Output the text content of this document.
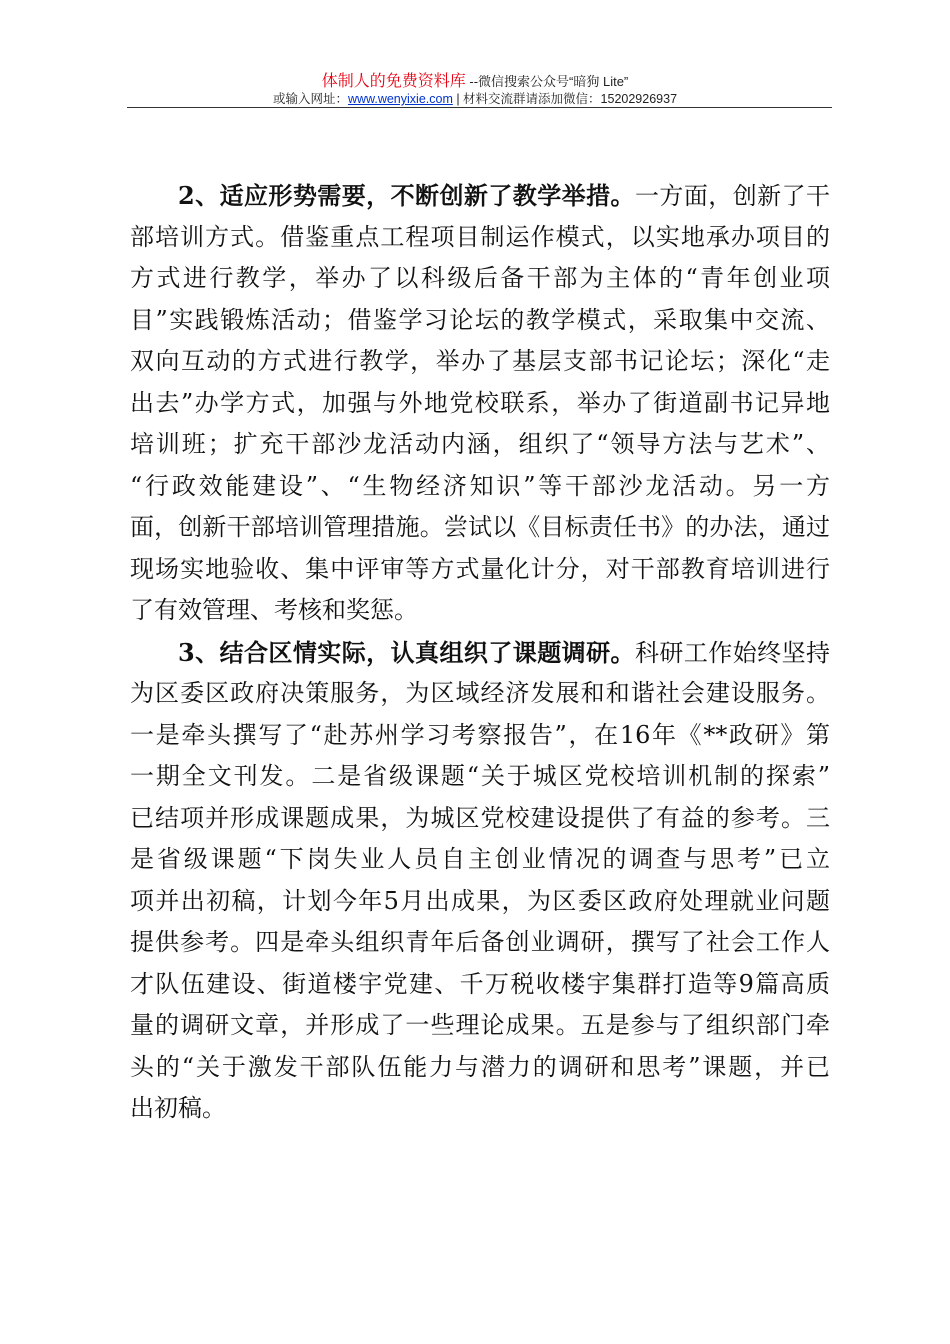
体制人的免费资料库 --微信搜索公众号“暗狗 Lite”
或输入网址：www.wenyixie.com | 材料交流群请添加微信：15202926937
2、适应形势需要，不断创新了教学举措。一方面，创新了干
部培训方式。借鉴重点工程项目制运作模式，以实地承办项目的
方式进行教学，举办了以科级后备干部为主体的“青年创业项
目”实践锻炼活动；借鉴学习论坛的教学模式，采取集中交流、
双向互动的方式进行教学，举办了基层支部书记论坛；深化“走
出去”办学方式，加强与外地党校联系，举办了街道副书记异地
培训班；扩充干部沙龙活动内涵，组织了“领导方法与艺术”、
“行政效能建设”、“生物经济知识”等干部沙龙活动。另一方
面，创新干部培训管理措施。尝试以《目标责任书》的办法，通过
现场实地验收、集中评审等方式量化计分，对干部教育培训进行
了有效管理、考核和奖惩。
3、结合区情实际，认真组织了课题调研。科研工作始终坚持
为区委区政府决策服务，为区域经济发展和和谐社会建设服务。
一是牵头撰写了“赴苏州学习考察报告”，在16年《**政研》第
一期全文刊发。二是省级课题“关于城区党校培训机制的探索”
已结项并形成课题成果，为城区党校建设提供了有益的参考。三
是省级课题“下岗失业人员自主创业情况的调查与思考”已立
项并出初稿，计划今年5月出成果，为区委区政府处理就业问题
提供参考。四是牵头组织青年后备创业调研，撰写了社会工作人
才队伍建设、街道楼宇党建、千万税收楼宇集群打造等9篇高质
量的调研文章，并形成了一些理论成果。五是参与了组织部门牵
头的“关于激发干部队伍能力与潜力的调研和思考”课题，并已
出初稿。
